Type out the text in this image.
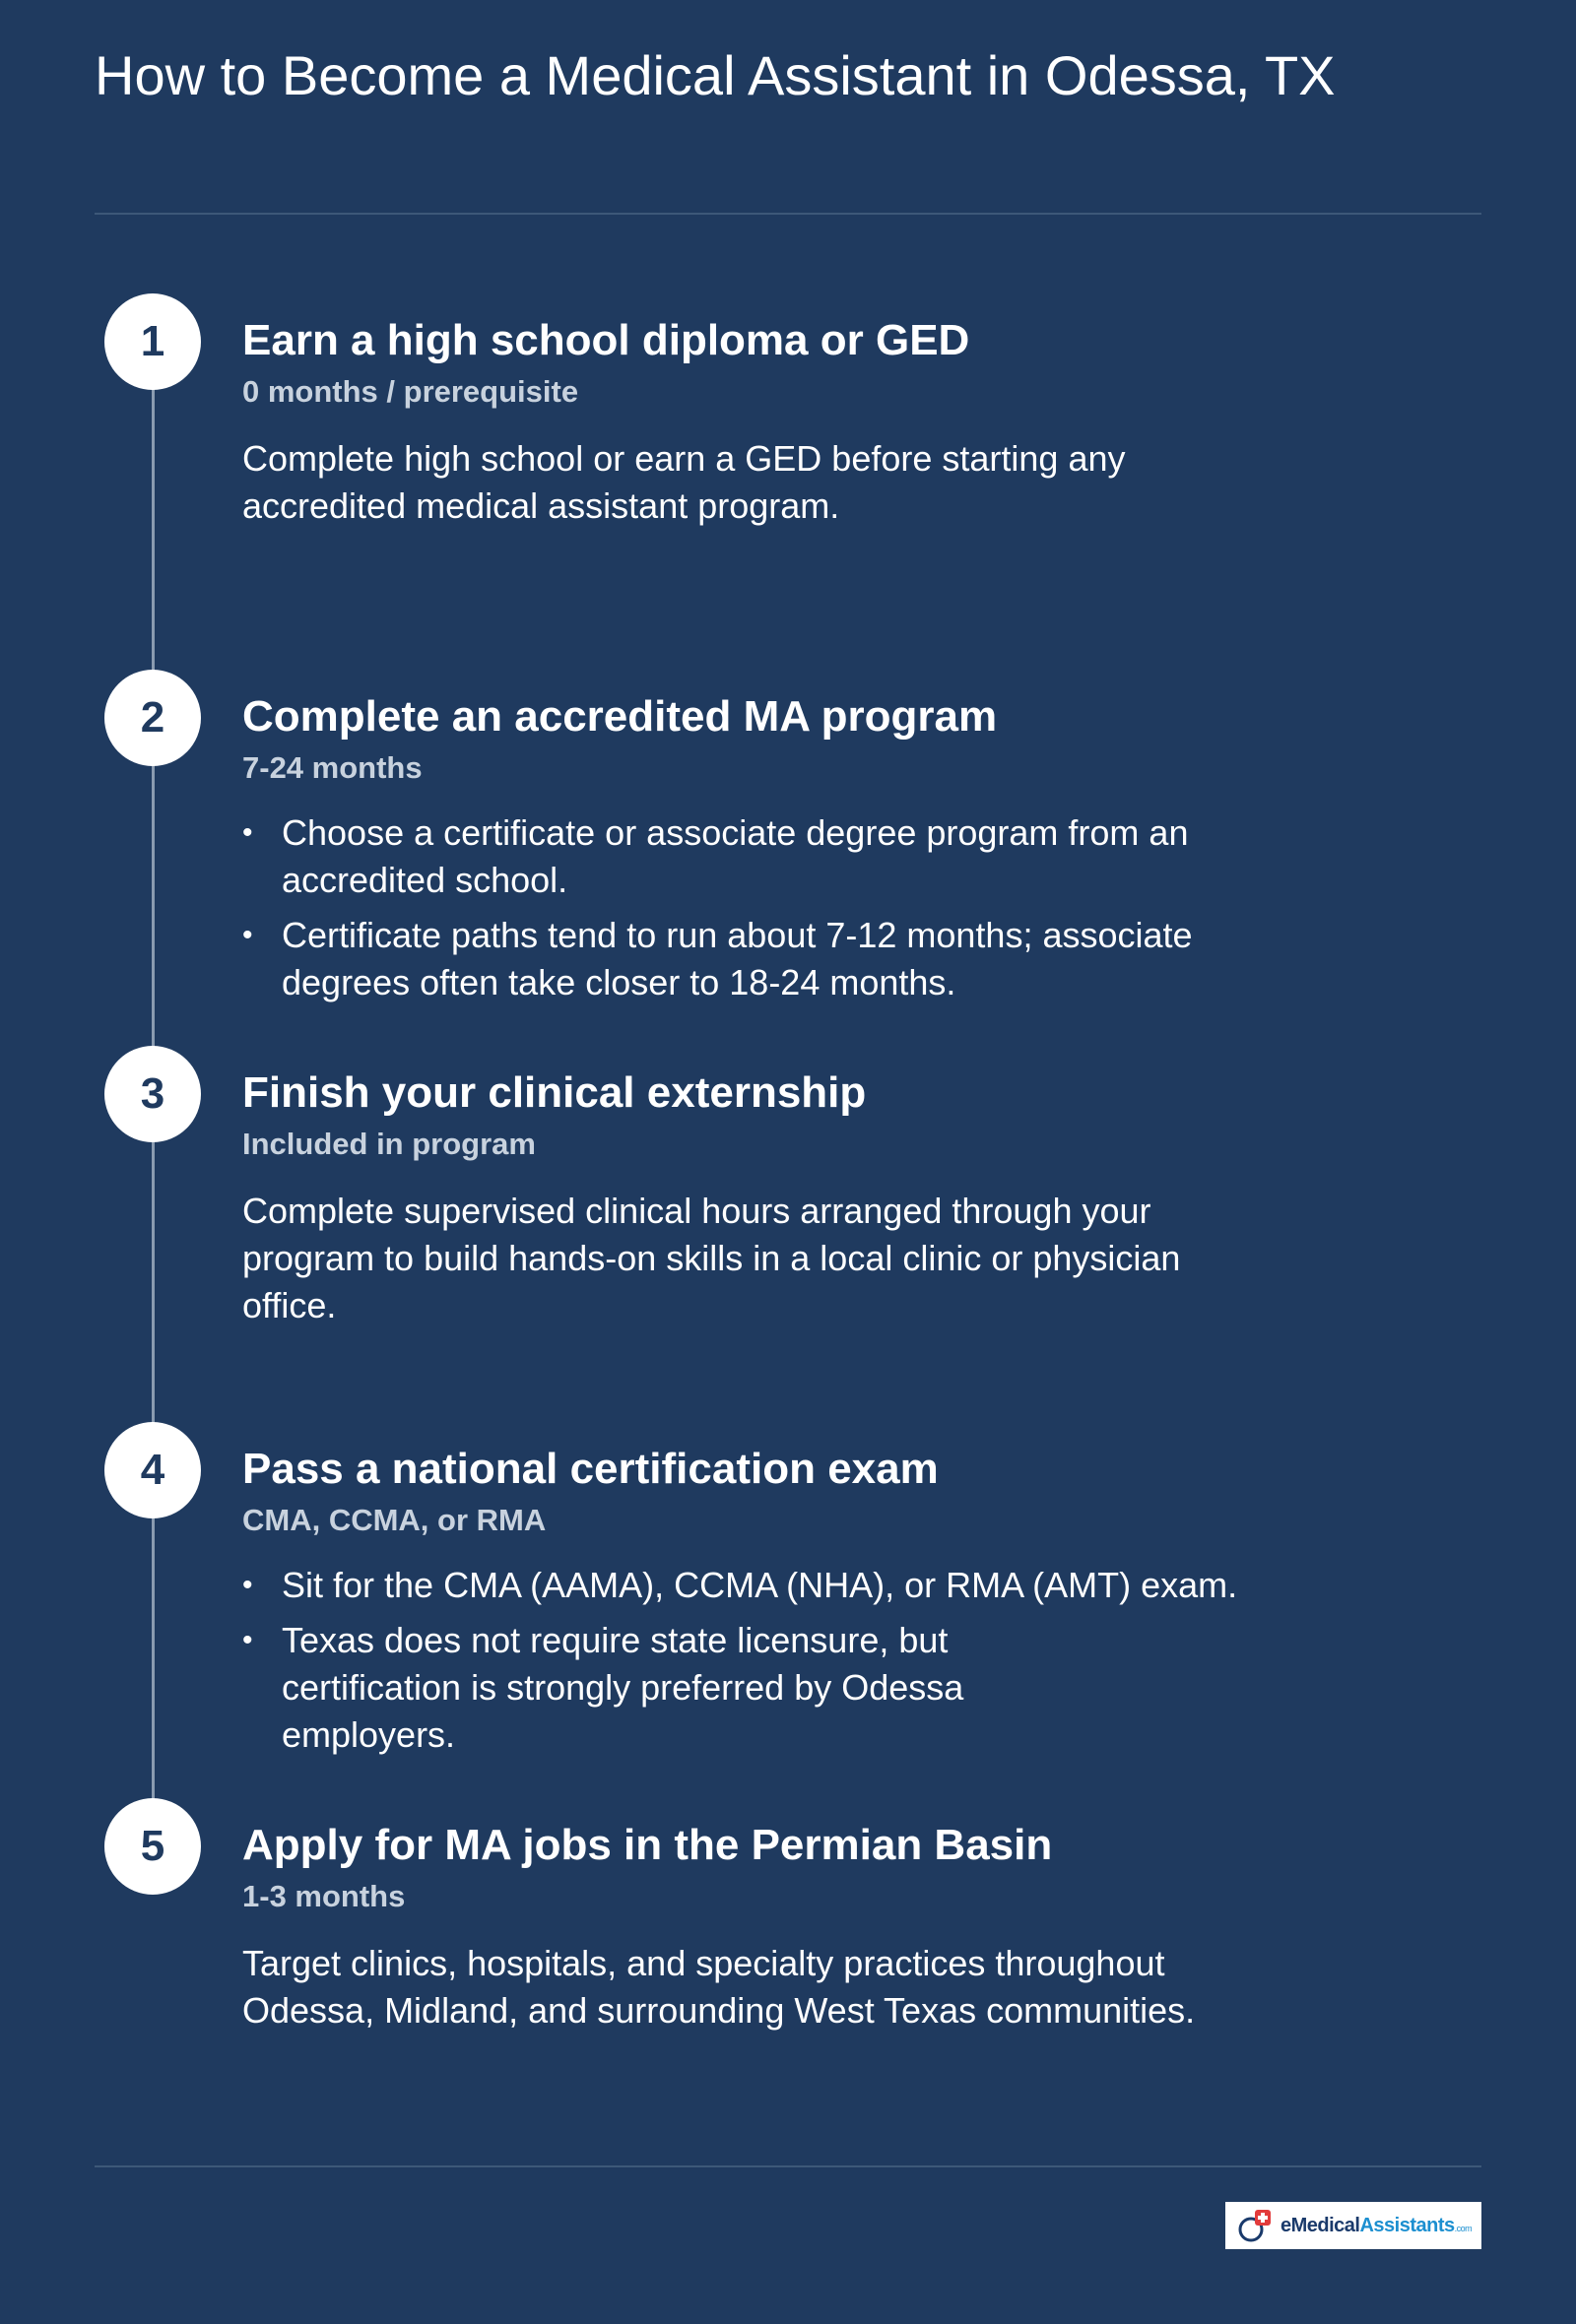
How to Become a Medical Assistant in Odessa, TX
1	Earn a high school diploma or GED
0 months / prerequisite
Complete high school or earn a GED before starting any accredited medical assistant program.
2	Complete an accredited MA program
7-24 months
• Choose a certificate or associate degree program from an accredited school.
• Certificate paths tend to run about 7-12 months; associate degrees often take closer to 18-24 months.
3	Finish your clinical externship
Included in program
Complete supervised clinical hours arranged through your program to build hands-on skills in a local clinic or physician office.
4	Pass a national certification exam
CMA, CCMA, or RMA
• Sit for the CMA (AAMA), CCMA (NHA), or RMA (AMT) exam.
• Texas does not require state licensure, but certification is strongly preferred by Odessa employers.
5	Apply for MA jobs in the Permian Basin
1-3 months
Target clinics, hospitals, and specialty practices throughout Odessa, Midland, and surrounding West Texas communities.
eMedicalAssistants.com
